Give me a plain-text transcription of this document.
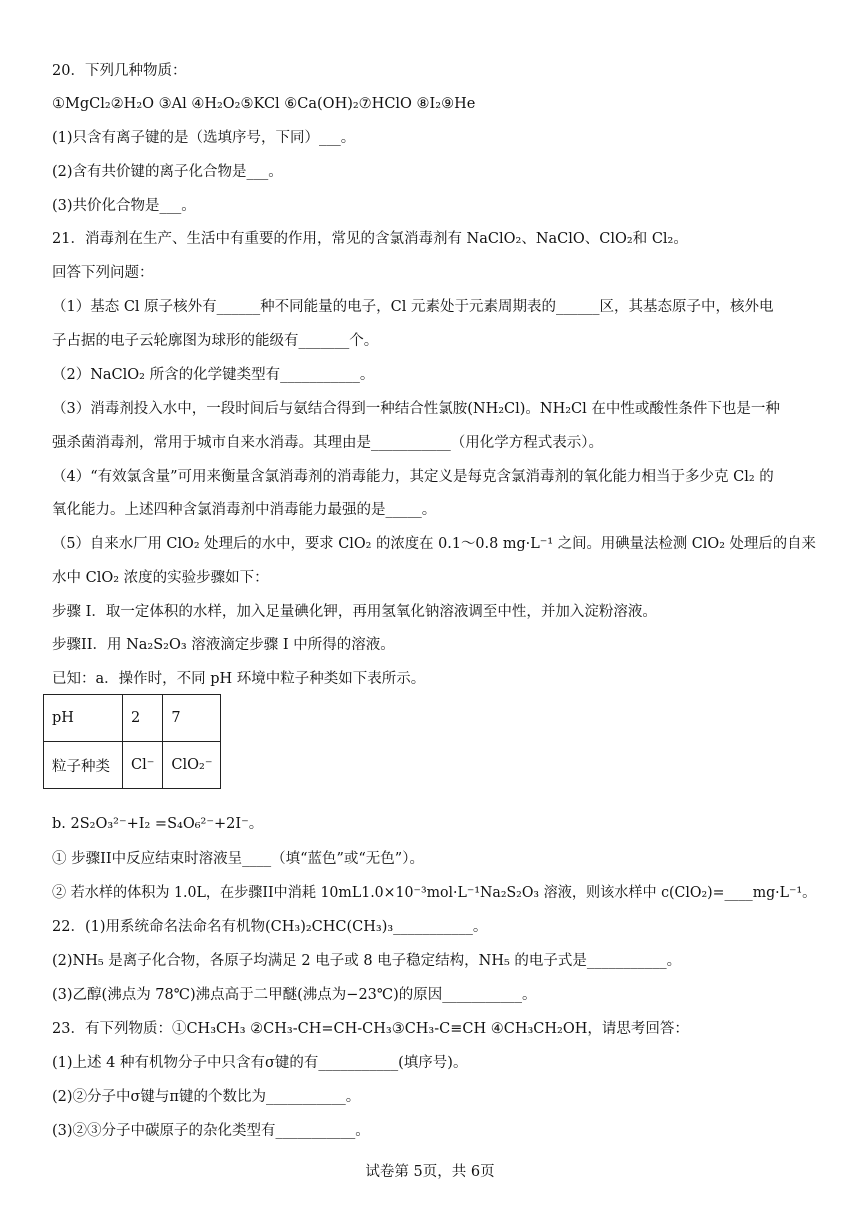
20．下列几种物质：
①MgCl₂②H₂O ③Al ④H₂O₂⑤KCl ⑥Ca(OH)₂⑦HClO ⑧I₂⑨He
(1)只含有离子键的是（选填序号，下同）___。
(2)含有共价键的离子化合物是___。
(3)共价化合物是___。
21．消毒剂在生产、生活中有重要的作用，常见的含氯消毒剂有 NaClO₂、NaClO、ClO₂和 Cl₂。
回答下列问题：
（1）基态 Cl 原子核外有______种不同能量的电子，Cl 元素处于元素周期表的______区，其基态原子中，核外电
子占据的电子云轮廓图为球形的能级有_______个。
（2）NaClO₂ 所含的化学键类型有___________。
（3）消毒剂投入水中，一段时间后与氨结合得到一种结合性氯胺(NH₂Cl)。NH₂Cl 在中性或酸性条件下也是一种
强杀菌消毒剂，常用于城市自来水消毒。其理由是___________（用化学方程式表示）。
（4）“有效氯含量”可用来衡量含氯消毒剂的消毒能力，其定义是每克含氯消毒剂的氧化能力相当于多少克 Cl₂ 的
氧化能力。上述四种含氯消毒剂中消毒能力最强的是_____。
（5）自来水厂用 ClO₂ 处理后的水中，要求 ClO₂ 的浓度在 0.1～0.8 mg·L⁻¹ 之间。用碘量法检测 ClO₂ 处理后的自来
水中 ClO₂ 浓度的实验步骤如下：
步骤 I．取一定体积的水样，加入足量碘化钾，再用氢氧化钠溶液调至中性，并加入淀粉溶液。
步骤II．用 Na₂S₂O₃ 溶液滴定步骤 I 中所得的溶液。
已知：a．操作时，不同 pH 环境中粒子种类如下表所示。
pH	2	7
粒子种类	Cl⁻	ClO₂⁻
b. 2S₂O₃²⁻+I₂ =S₄O₆²⁻+2I⁻。
① 步骤II中反应结束时溶液呈____（填“蓝色”或“无色”）。
② 若水样的体积为 1.0L，在步骤II中消耗 10mL1.0×10⁻³mol·L⁻¹Na₂S₂O₃ 溶液，则该水样中 c(ClO₂)=____mg·L⁻¹。
22．(1)用系统命名法命名有机物(CH₃)₂CHC(CH₃)₃___________。
(2)NH₅ 是离子化合物，各原子均满足 2 电子或 8 电子稳定结构，NH₅ 的电子式是___________。
(3)乙醇(沸点为 78℃)沸点高于二甲醚(沸点为−23℃)的原因___________。
23．有下列物质：①CH₃CH₃ ②CH₃-CH=CH-CH₃③CH₃-C≡CH ④CH₃CH₂OH，请思考回答：
(1)上述 4 种有机物分子中只含有σ键的有___________(填序号)。
(2)②分子中σ键与π键的个数比为___________。
(3)②③分子中碳原子的杂化类型有___________。
试卷第 5页，共 6页
